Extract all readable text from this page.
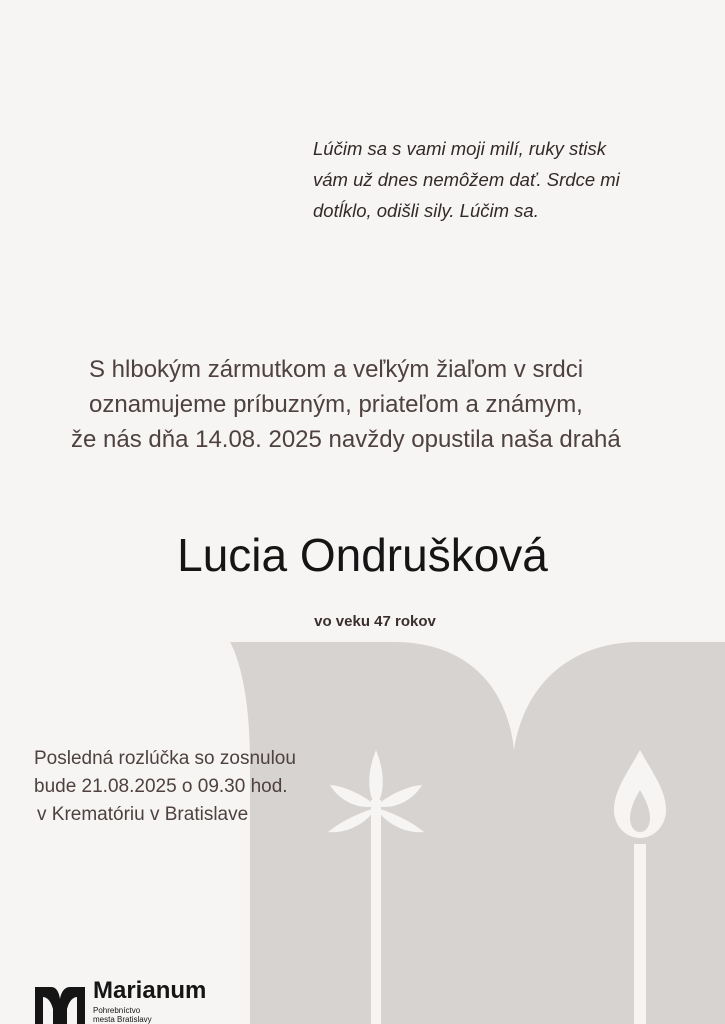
Lúčim sa s vami moji milí, ruky stisk
vám už dnes nemôžem dať. Srdce mi
dotĺklo, odišli sily. Lúčim sa.
S hlbokým zármutkom a veľkým žiaľom v srdci
oznamujeme príbuzným, priateľom a známym,
že nás dňa 14.08. 2025 navždy opustila naša drahá
Lucia Ondrušková

vo veku 47 rokov

Posledná rozlúčka so zosnulou
bude 21.08.2025 o 09.30 hod.
v Krematóriu v Bratislave
Marianum
Pohrebníctvo
mesta Bratislavy
